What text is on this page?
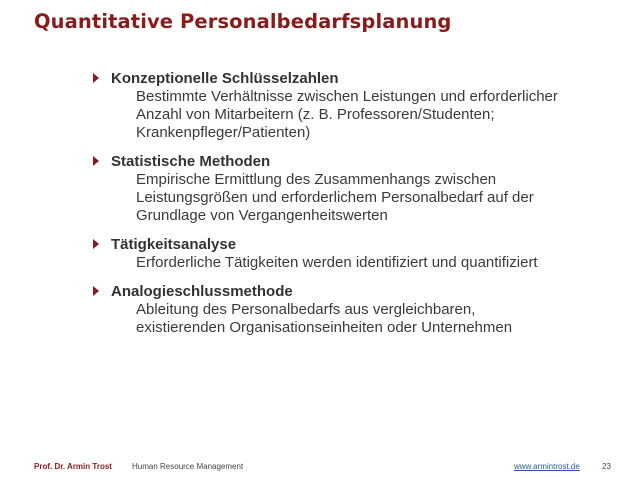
Quantitative Personalbedarfsplanung
Konzeptionelle Schlüsselzahlen
Bestimmte Verhältnisse zwischen Leistungen und erforderlicher Anzahl von Mitarbeitern (z. B. Professoren/Studenten; Krankenpfleger/Patienten)
Statistische Methoden
Empirische Ermittlung des Zusammenhangs zwischen Leistungsgrößen und erforderlichem Personalbedarf auf der Grundlage von Vergangenheitswerten
Tätigkeitsanalyse
Erforderliche Tätigkeiten werden identifiziert und quantifiziert
Analogieschlussmethode
Ableitung des Personalbedarfs aus vergleichbaren, existierenden Organisationseinheiten oder Unternehmen
Prof. Dr. Armin Trost	Human Resource Management	www.armintrost.de	23
